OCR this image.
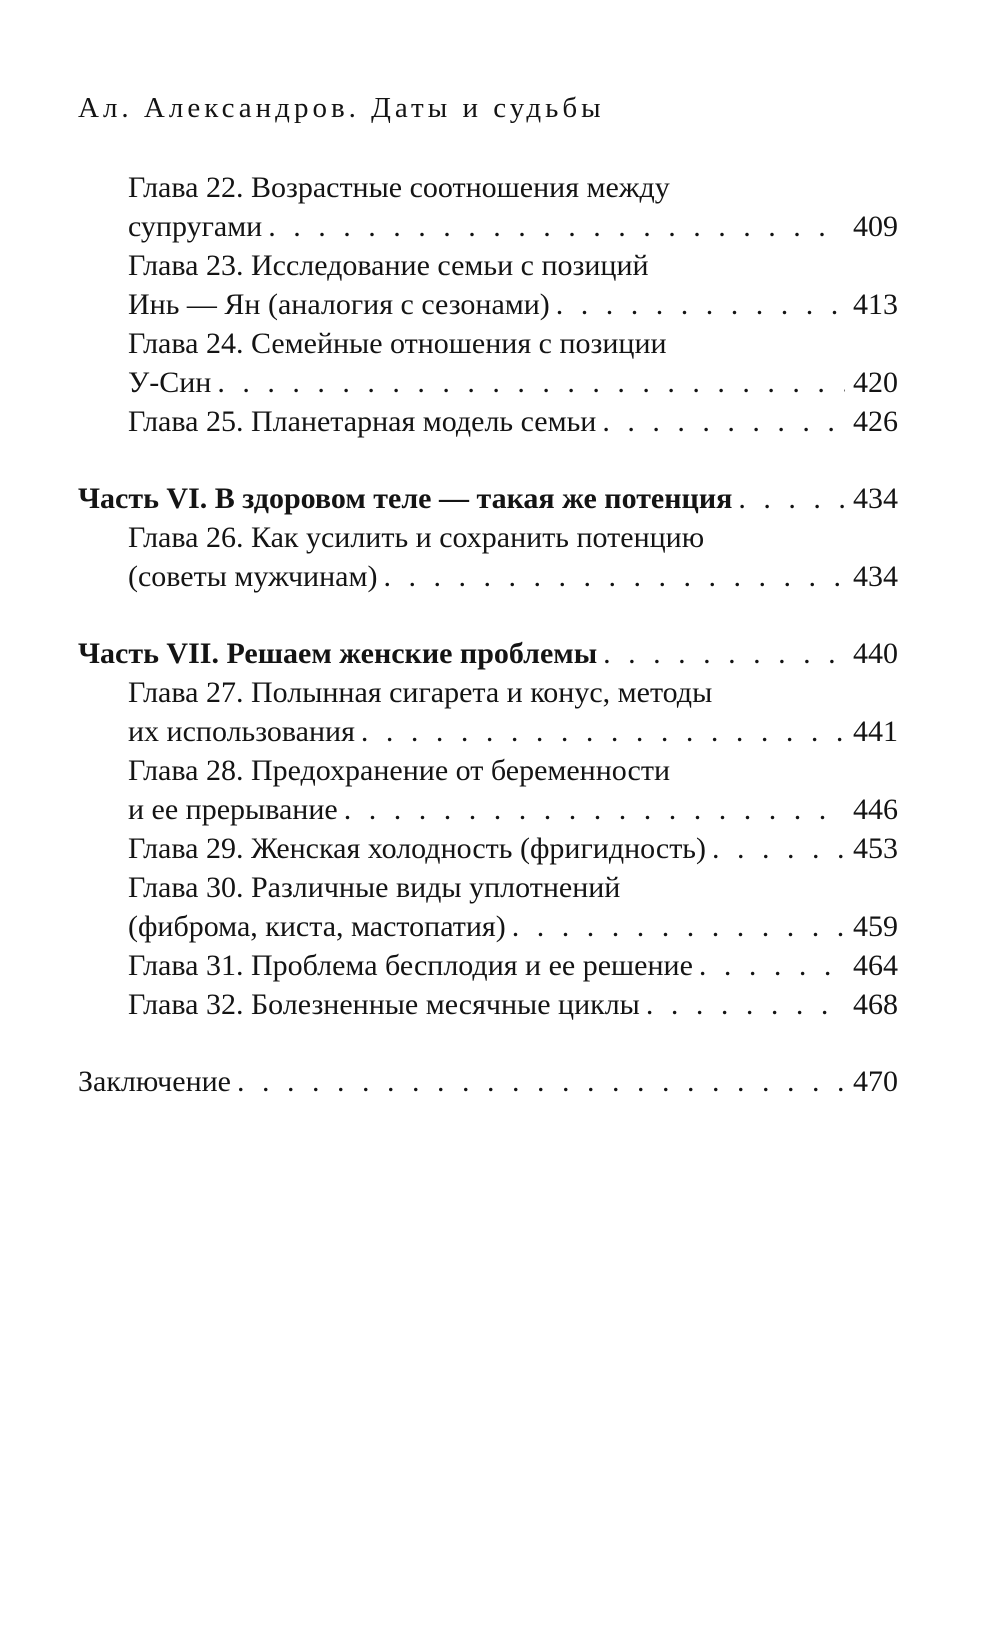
Ал. Александров. Даты и судьбы
Глава 22. Возрастные соотношения между
супругами . . .	409
Глава 23. Исследование семьи с позиций
Инь — Ян (аналогия с сезонами) . . .	413
Глава 24. Семейные отношения с позиции
У-Син . . .	420
Глава 25. Планетарная модель семьи . . .	426
Часть VI. В здоровом теле — такая же потенция . . .	434
Глава 26. Как усилить и сохранить потенцию
(советы мужчинам) . . .	434
Часть VII. Решаем женские проблемы . . .	440
Глава 27. Полынная сигарета и конус, методы
их использования . . .	441
Глава 28. Предохранение от беременности
и ее прерывание . . .	446
Глава 29. Женская холодность (фригидность) . . .	453
Глава 30. Различные виды уплотнений
(фиброма, киста, мастопатия) . . .	459
Глава 31. Проблема бесплодия и ее решение . . .	464
Глава 32. Болезненные месячные циклы . . .	468
Заключение . . .	470
